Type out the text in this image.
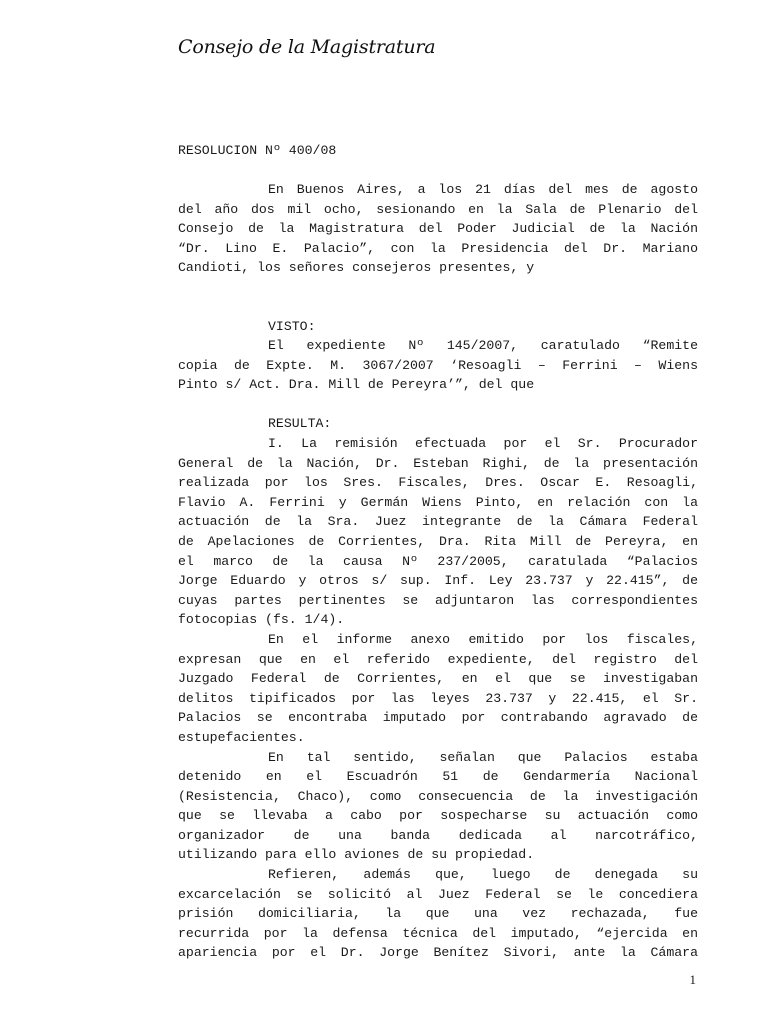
Consejo de la Magistratura
RESOLUCION Nº 400/08
En Buenos Aires, a los 21 días del mes de agosto
del año dos mil ocho, sesionando en la Sala de Plenario del
Consejo de la Magistratura del Poder Judicial de la Nación
“Dr. Lino E. Palacio”, con la Presidencia del Dr. Mariano
Candioti, los señores consejeros presentes, y
VISTO:
El expediente Nº 145/2007, caratulado “Remite
copia de Expte. M. 3067/2007 ‘Resoagli – Ferrini – Wiens
Pinto s/ Act. Dra. Mill de Pereyra’”, del que
RESULTA:
I. La remisión efectuada por el Sr. Procurador
General de la Nación, Dr. Esteban Righi, de la presentación
realizada por los Sres. Fiscales, Dres. Oscar E. Resoagli,
Flavio A. Ferrini y Germán Wiens Pinto, en relación con la
actuación de la Sra. Juez integrante de la Cámara Federal
de Apelaciones de Corrientes, Dra. Rita Mill de Pereyra, en
el marco de la causa Nº 237/2005, caratulada “Palacios
Jorge Eduardo y otros s/ sup. Inf. Ley 23.737 y 22.415”, de
cuyas partes pertinentes se adjuntaron las correspondientes
fotocopias (fs. 1/4).
En el informe anexo emitido por los fiscales,
expresan que en el referido expediente, del registro del
Juzgado Federal de Corrientes, en el que se investigaban
delitos tipificados por las leyes 23.737 y 22.415, el Sr.
Palacios se encontraba imputado por contrabando agravado de
estupefacientes.
En tal sentido, señalan que Palacios estaba
detenido en el Escuadrón 51 de Gendarmería Nacional
(Resistencia, Chaco), como consecuencia de la investigación
que se llevaba a cabo por sospecharse su actuación como
organizador de una banda dedicada al narcotráfico,
utilizando para ello aviones de su propiedad.
Refieren, además que, luego de denegada su
excarcelación se solicitó al Juez Federal se le concediera
prisión domiciliaria, la que una vez rechazada, fue
recurrida por la defensa técnica del imputado, “ejercida en
apariencia por el Dr. Jorge Benítez Sivori, ante la Cámara
1
